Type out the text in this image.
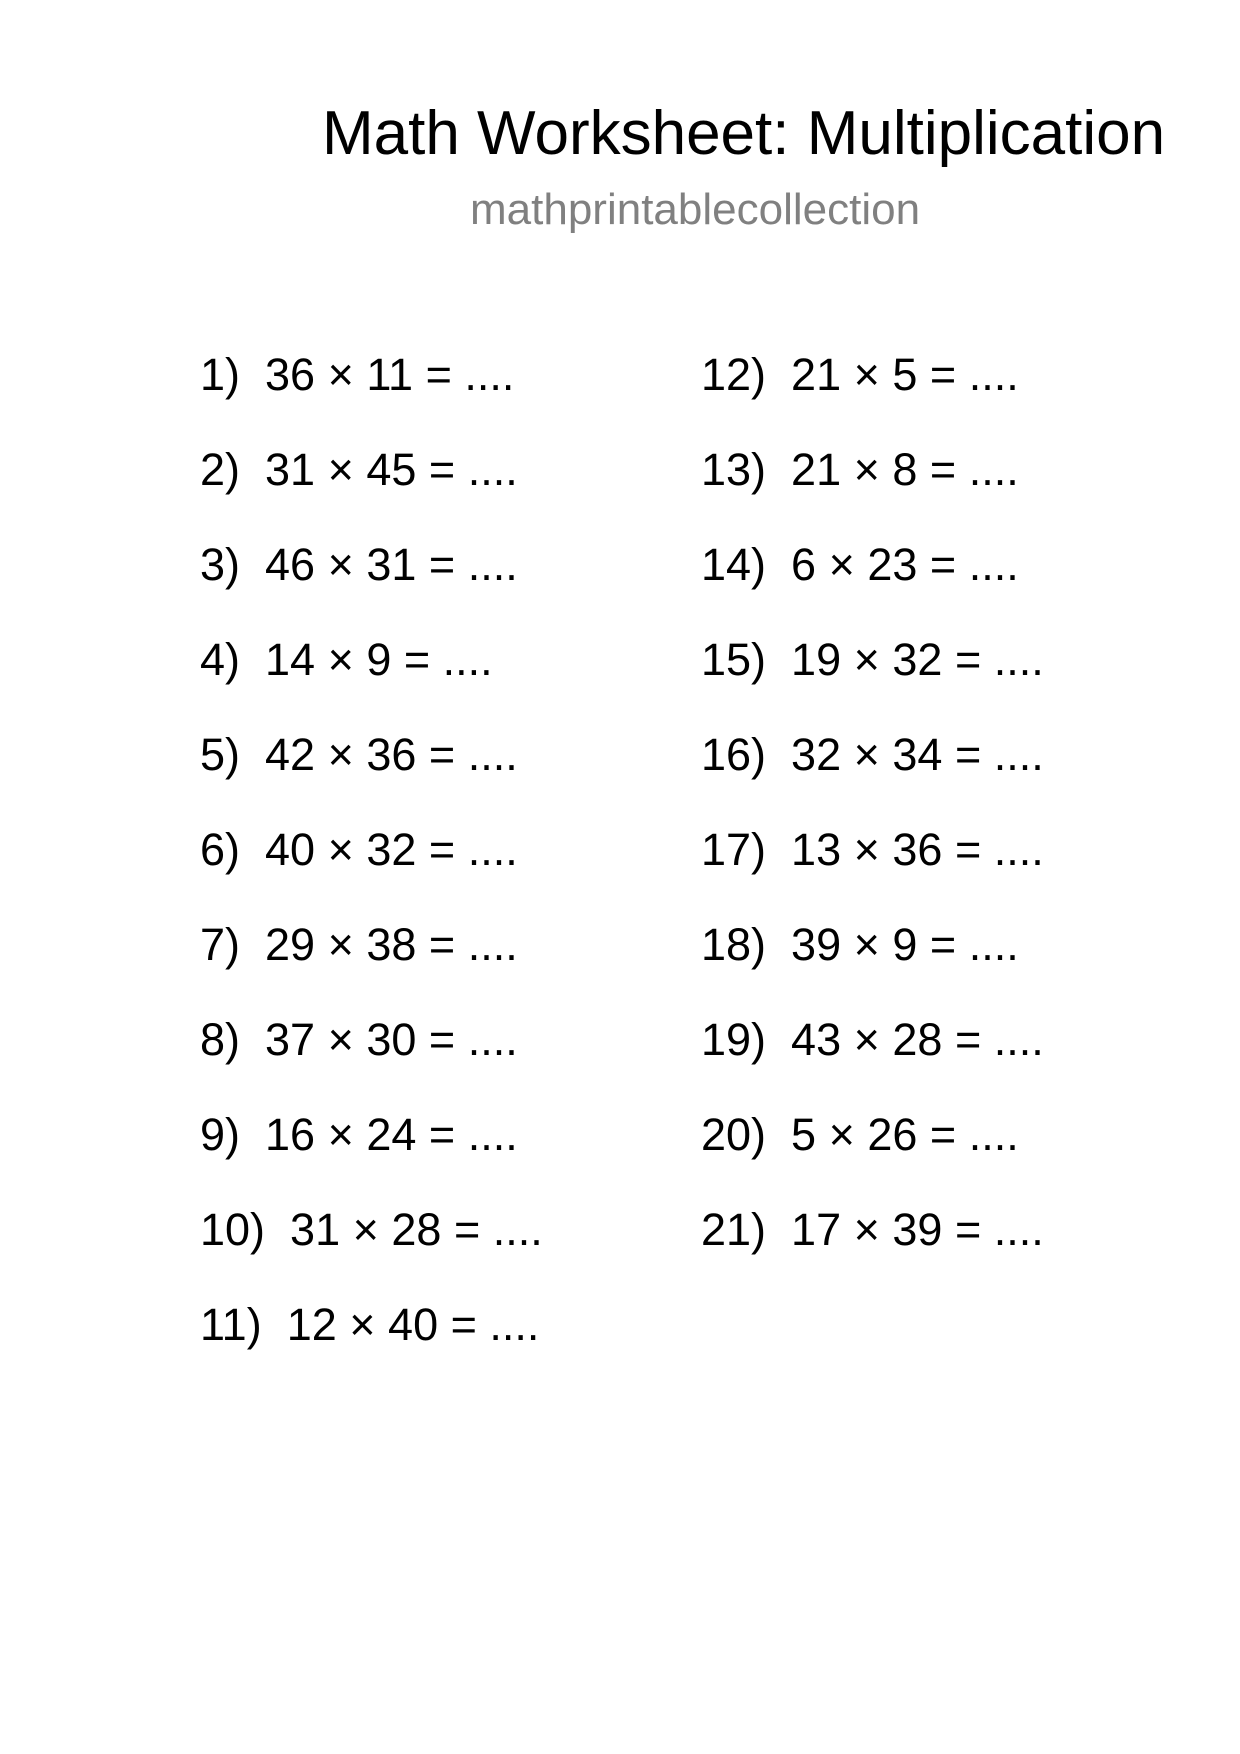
Math Worksheet: Multiplication
mathprintablecollection
1) 36 × 11 = ....
2) 31 × 45 = ....
3) 46 × 31 = ....
4) 14 × 9 = ....
5) 42 × 36 = ....
6) 40 × 32 = ....
7) 29 × 38 = ....
8) 37 × 30 = ....
9) 16 × 24 = ....
10) 31 × 28 = ....
11) 12 × 40 = ....
12) 21 × 5 = ....
13) 21 × 8 = ....
14) 6 × 23 = ....
15) 19 × 32 = ....
16) 32 × 34 = ....
17) 13 × 36 = ....
18) 39 × 9 = ....
19) 43 × 28 = ....
20) 5 × 26 = ....
21) 17 × 39 = ....
